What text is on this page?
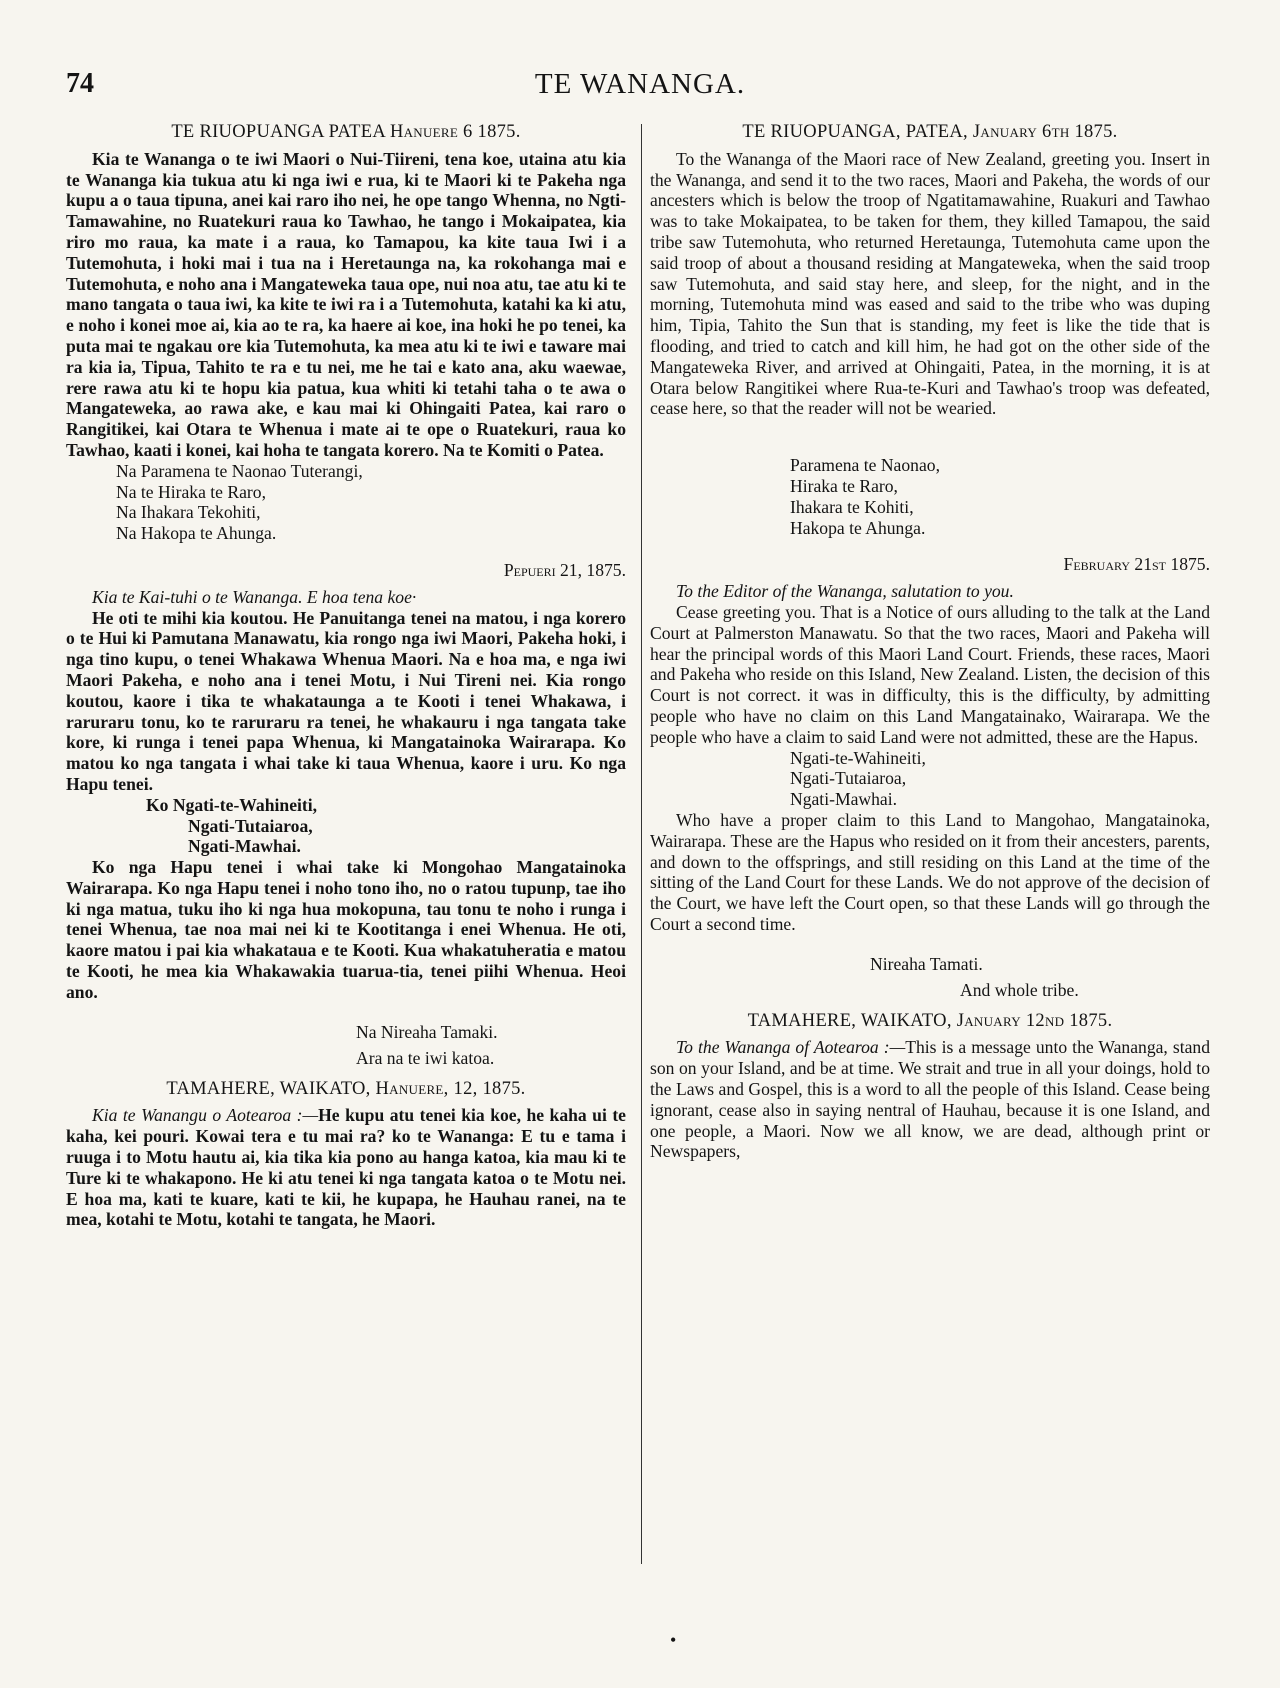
TE WANANGA.
74
TE RIUOPUANGA PATEA Hanuere 6 1875.

Kia te Wananga o te iwi Maori o Nui-Tiireni, tena koe, utaina atu kia te Wananga kia tukua atu ki nga iwi e rua, ki te Maori ki te Pakeha nga kupu a o taua tipuna, anei kai raro iho nei, he ope tango Whenna, no Ngti-Tamawahine, no Ruatekuri raua ko Tawhao, he tango i Mokaipatea, kia riro mo raua, ka mate i a raua, ko Tamapou, ka kite taua Iwi i a Tutemohuta, i hoki mai i tua na i Heretaunga na, ka rokohanga mai e Tutemohuta, e noho ana i Mangateweka taua ope, nui noa atu, tae atu ki te mano tangata o taua iwi, ka kite te iwi ra i a Tutemohuta, katahi ka ki atu, e noho i konei moe ai, kia ao te ra, ka haere ai koe, ina hoki he po tenei, ka puta mai te ngakau ore kia Tutemohuta, ka mea atu ki te iwi e taware mai ra kia ia, Tipua, Tahito te ra e tu nei, me he tai e kato ana, aku waewae, rere rawa atu ki te hopu kia patua, kua whiti ki tetahi taha o te awa o Mangateweka, ao rawa ake, e kau mai ki Ohingaiti Patea, kai raro o Rangitikei, kai Otara te Whenua i mate ai te ope o Ruatekuri, raua ko Tawhao, kaati i konei, kai hoha te tangata korero. Na te Komiti o Patea.

Na Paramena te Naonao Tuterangi,
Na te Hiraka te Raro,
Na Ihakara Tekohiti,
Na Hakopa te Ahunga.
Pepueri 21, 1875.
Kia te Kai-tuhi o te Wananga. E hoa tena koe·

He oti te mihi kia koutou. He Panuitanga tenei na matou, i nga korero o te Hui ki Pamutana Manawatu, kia rongo nga iwi Maori, Pakeha hoki, i nga tino kupu, o tenei Whakawa Whenua Maori. Na e hoa ma, e nga iwi Maori Pakeha, e noho ana i tenei Motu, i Nui Tireni nei. Kia rongo koutou, kaore i tika te whakataunga a te Kooti i tenei Whakawa, i raruraru tonu, ko te raruraru ra tenei, he whakauru i nga tangata take kore, ki runga i tenei papa Whenua, ki Mangatainoka Wairarapa. Ko matou ko nga tangata i whai take ki taua Whenua, kaore i uru. Ko nga Hapu tenei.

Ko Ngati-te-Wahineiti,
Ngati-Tutaiaroa,
Ngati-Mawhai.

Ko nga Hapu tenei i whai take ki Mongohao Mangatainoka Wairarapa. Ko nga Hapu tenei i noho tono iho, no o ratou tupunp, tae iho ki nga matua, tuku iho ki nga hua mokopuna, tau tonu te noho i runga i tenei Whenua, tae noa mai nei ki te Kootitanga i enei Whenua. He oti, kaore matou i pai kia whakataua e te Kooti. Kua whakatuheratia e matou te Kooti, he mea kia Whakawakia tuarua-tia, tenei piihi Whenua. Heoi ano.

Na Nireaha Tamaki.
Ara na te iwi katoa.
TAMAHERE, WAIKATO, Hanuere, 12, 1875.

Kia te Wanangu o Aotearoa :—He kupu atu tenei kia koe, he kaha ui te kaha, kei pouri. Kowai tera e tu mai ra? ko te Wananga: E tu e tama i ruuga i to Motu hautu ai, kia tika kia pono au hanga katoa, kia mau ki te Ture ki te whakapono. He ki atu tenei ki nga tangata katoa o te Motu nei. E hoa ma, kati te kuare, kati te kii, he kupapa, he Hauhau ranei, na te mea, kotahi te Motu, kotahi te tangata, he Maori.

TE RIUOPUANGA, PATEA, January 6th 1875.

To the Wananga of the Maori race of New Zealand, greeting you. Insert in the Wananga, and send it to the two races, Maori and Pakeha, the words of our ancesters which is below the troop of Ngatitamawahine, Ruakuri and Tawhao was to take Mokaipatea, to be taken for them, they killed Tamapou, the said tribe saw Tutemohuta, who returned Heretaunga, Tutemohuta came upon the said troop of about a thousand residing at Mangateweka, when the said troop saw Tutemohuta, and said stay here, and sleep, for the night, and in the morning, Tutemohuta mind was eased and said to the tribe who was duping him, Tipia, Tahito the Sun that is standing, my feet is like the tide that is flooding, and tried to catch and kill him, he had got on the other side of the Mangateweka River, and arrived at Ohingaiti, Patea, in the morning, it is at Otara below Rangitikei where Rua-te-Kuri and Tawhao's troop was defeated, cease here, so that the reader will not be wearied.

Paramena te Naonao,
Hiraka te Raro,
Ihakara te Kohiti,
Hakopa te Ahunga.
February 21st 1875.
To the Editor of the Wananga, salutation to you.

Cease greeting you. That is a Notice of ours alluding to the talk at the Land Court at Palmerston Manawatu. So that the two races, Maori and Pakeha will hear the principal words of this Maori Land Court. Friends, these races, Maori and Pakeha who reside on this Island, New Zealand. Listen, the decision of this Court is not correct. it was in difficulty, this is the difficulty, by admitting people who have no claim on this Land Mangatainako, Wairarapa. We the people who have a claim to said Land were not admitted, these are the Hapus.

Ngati-te-Wahineiti,
Ngati-Tutaiaroa,
Ngati-Mawhai.

Who have a proper claim to this Land to Mangohao, Mangatainoka, Wairarapa. These are the Hapus who resided on it from their ancesters, parents, and down to the offsprings, and still residing on this Land at the time of the sitting of the Land Court for these Lands. We do not approve of the decision of the Court, we have left the Court open, so that these Lands will go through the Court a second time.

Nireaha Tamati.
And whole tribe.
TAMAHERE, WAIKATO, January 12nd 1875.

To the Wananga of Aotearoa :—This is a message unto the Wananga, stand son on your Island, and be at time. We strait and true in all your doings, hold to the Laws and Gospel, this is a word to all the people of this Island. Cease being ignorant, cease also in saying nentral of Hauhau, because it is one Island, and one people, a Maori. Now we all know, we are dead, although print or Newspapers,

•
